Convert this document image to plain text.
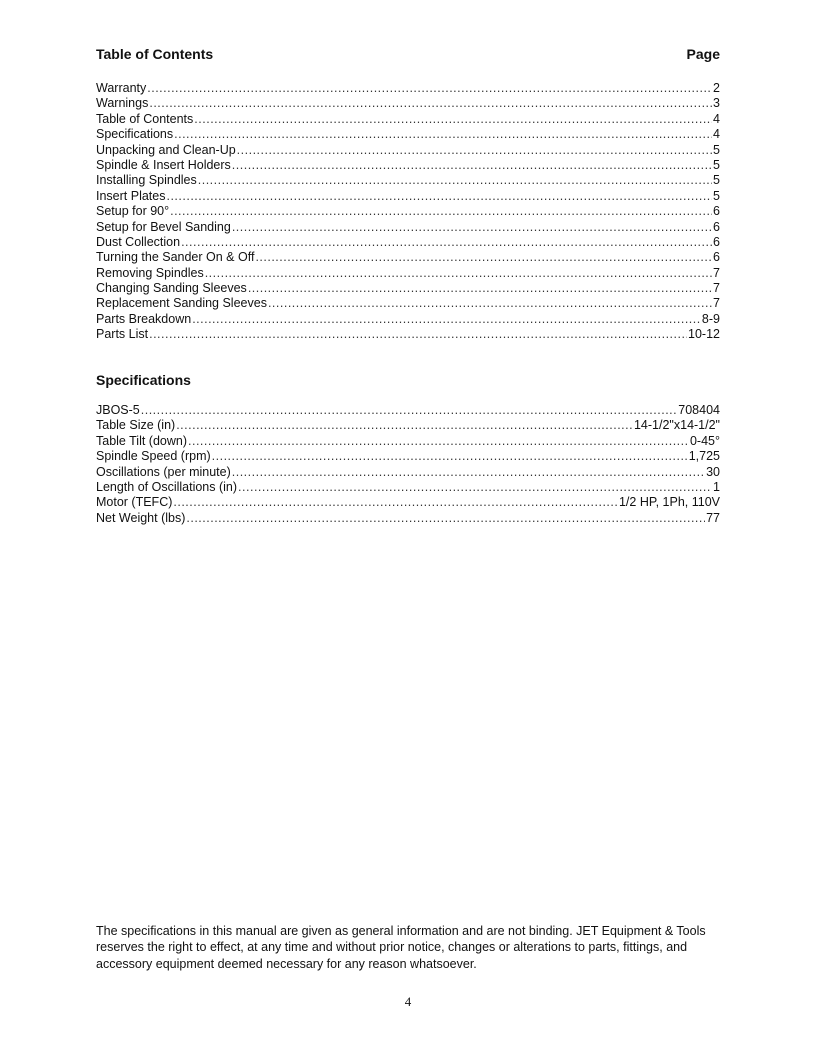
Table of Contents	Page
Warranty .....	2
Warnings .....	3
Table of Contents .....	4
Specifications .....	4
Unpacking and Clean-Up .....	5
Spindle & Insert Holders .....	5
Installing Spindles .....	5
Insert Plates .....	5
Setup for 90° .....	6
Setup for Bevel Sanding .....	6
Dust Collection .....	6
Turning the Sander On & Off .....	6
Removing Spindles .....	7
Changing Sanding Sleeves .....	7
Replacement Sanding Sleeves .....	7
Parts Breakdown .....	8-9
Parts List .....	10-12
Specifications
JBOS-5 .....	708404
Table Size (in) .....	14-1/2"x14-1/2"
Table Tilt (down) .....	0-45°
Spindle Speed (rpm) .....	1,725
Oscillations (per minute) .....	30
Length of Oscillations (in) .....	1
Motor (TEFC) .....	1/2 HP, 1Ph, 110V
Net Weight (lbs) .....	77

The specifications in this manual are given as general information and are not binding. JET Equipment & Tools reserves the right to effect, at any time and without prior notice, changes or alterations to parts, fittings, and accessory equipment deemed necessary for any reason whatsoever.

4
